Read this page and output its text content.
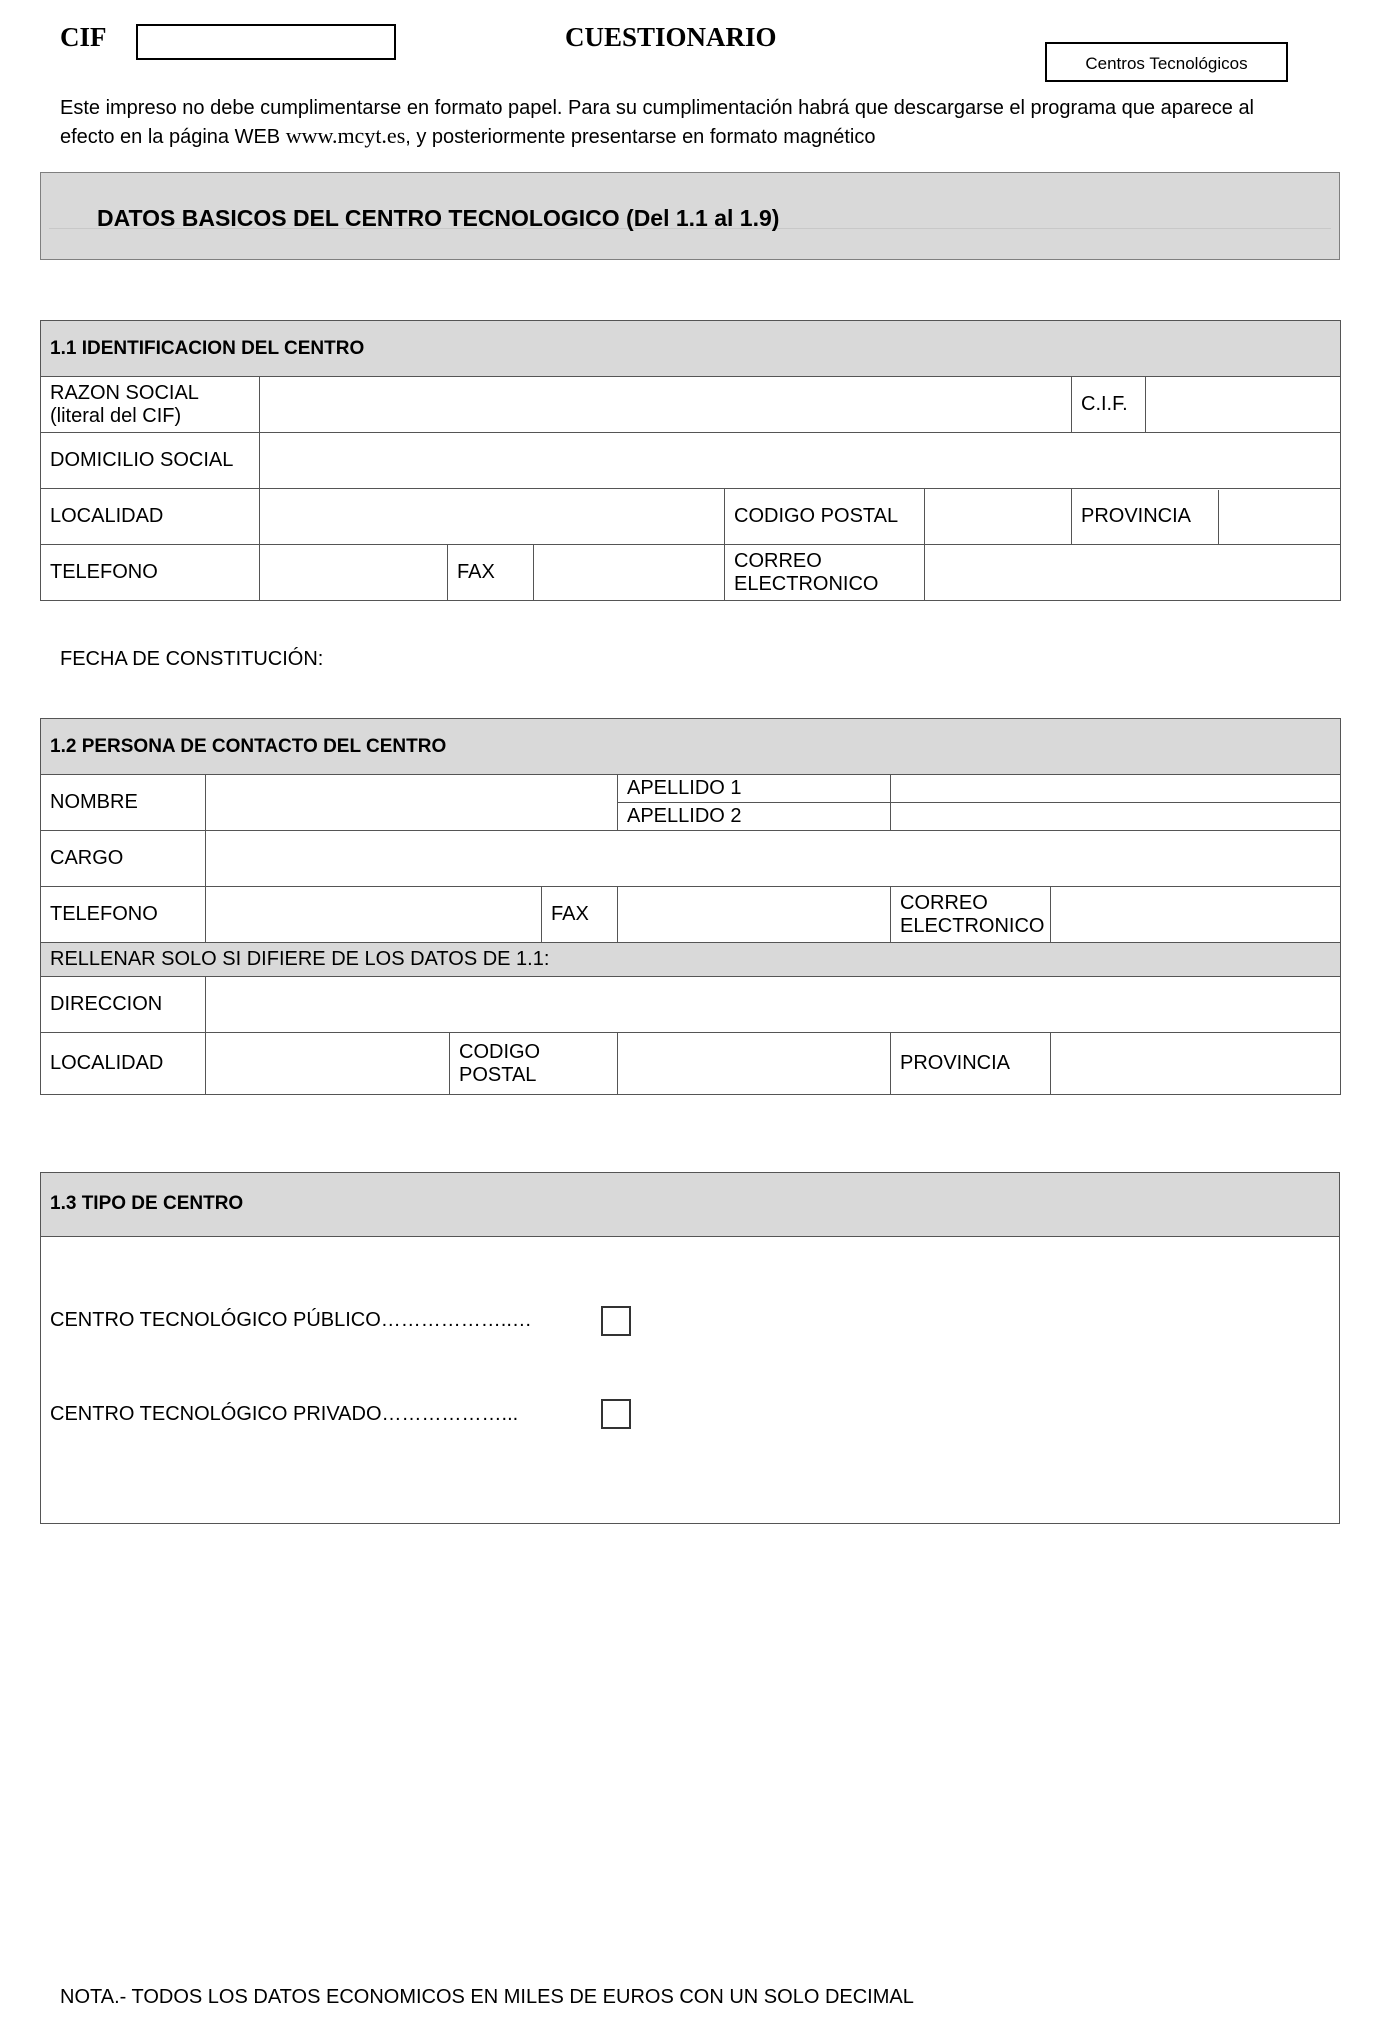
CIF	CUESTIONARIO
Centros Tecnológicos
Este impreso no debe cumplimentarse en formato papel. Para su cumplimentación habrá que descargarse el programa que aparece al efecto en la página WEB www.mcyt.es, y posteriormente presentarse en formato magnético
DATOS BASICOS DEL CENTRO TECNOLOGICO (Del 1.1 al 1.9)
1.1 IDENTIFICACION DEL CENTRO							
RAZON SOCIAL
(literal del CIF)						C.I.F.	
DOMICILIO SOCIAL							
LOCALIDAD				CODIGO POSTAL		PROVINCIA	

TELEFONO		FAX		CORREO
ELECTRONICO			
FECHA DE CONSTITUCIÓN:
1.2 PERSONA DE CONTACTO DEL CENTRO						
NOMBRE				APELLIDO 1		
				APELLIDO 2		
CARGO						
TELEFONO			FAX		CORREO
ELECTRONICO	
RELLENAR SOLO SI DIFIERE DE LOS DATOS DE 1.1:						
DIRECCION						
LOCALIDAD		CODIGO POSTAL			PROVINCIA	
1.3 TIPO DE CENTRO
CENTRO TECNOLÓGICO PÚBLICO………………..…
CENTRO TECNOLÓGICO PRIVADO………………...
NOTA.- TODOS LOS DATOS ECONOMICOS EN MILES DE EUROS CON UN SOLO DECIMAL
